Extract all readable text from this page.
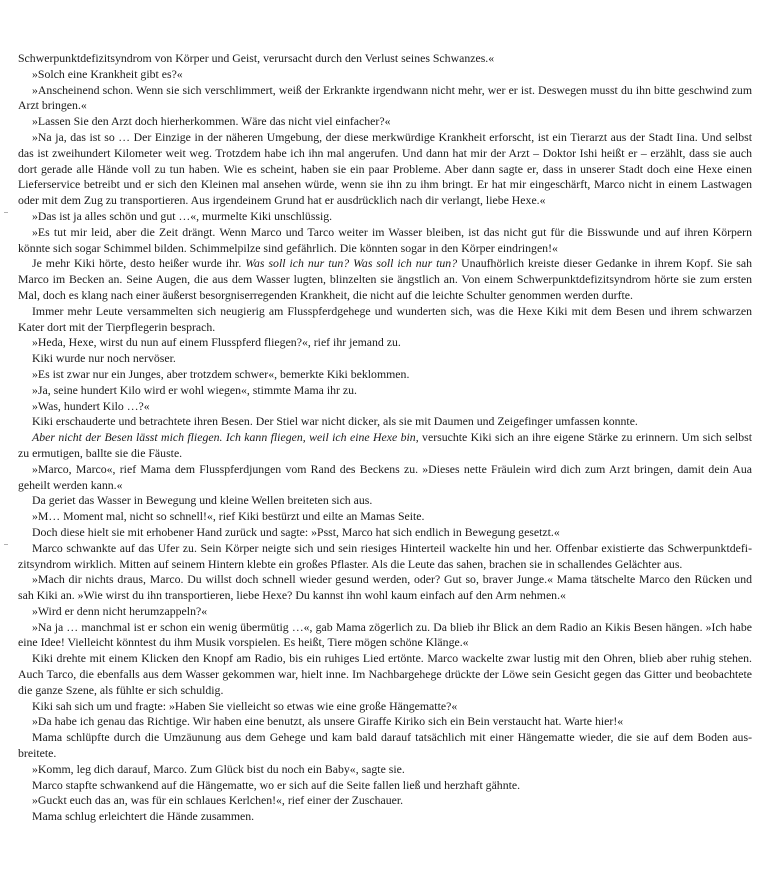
Schwerpunktdefizitsyndrom von Körper und Geist, verursacht durch den Verlust seines Schwanzes.«

»Solch eine Krankheit gibt es?«

»Anscheinend schon. Wenn sie sich verschlimmert, weiß der Erkrankte irgendwann nicht mehr, wer er ist. Deswegen musst du ihn bitte geschwind zum Arzt bringen.«

»Lassen Sie den Arzt doch hierherkommen. Wäre das nicht viel einfacher?«

»Na ja, das ist so … Der Einzige in der näheren Umgebung, der diese merkwürdige Krankheit erforscht, ist ein Tierarzt aus der Stadt Iina. Und selbst das ist zweihundert Kilometer weit weg. Trotzdem habe ich ihn mal angerufen. Und dann hat mir der Arzt – Doktor Ishi heißt er – erzählt, dass sie auch dort gerade alle Hände voll zu tun haben. Wie es scheint, haben sie ein paar Probleme. Aber dann sagte er, dass in unserer Stadt doch eine Hexe einen Lieferservice betreibt und er sich den Kleinen mal ansehen würde, wenn sie ihn zu ihm bringt. Er hat mir eingeschärft, Marco nicht in einem Lastwagen oder mit dem Zug zu transportieren. Aus irgendeinem Grund hat er ausdrücklich nach dir verlangt, liebe Hexe.«

»Das ist ja alles schön und gut …«, murmelte Kiki unschlüssig.

»Es tut mir leid, aber die Zeit drängt. Wenn Marco und Tarco weiter im Wasser bleiben, ist das nicht gut für die Bisswunde und auf ihren Körpern könnte sich sogar Schimmel bilden. Schimmelpilze sind gefährlich. Die könnten sogar in den Körper eindringen!«

Je mehr Kiki hörte, desto heißer wurde ihr. Was soll ich nur tun? Was soll ich nur tun? Unaufhörlich kreiste dieser Gedanke in ihrem Kopf. Sie sah Marco im Becken an. Seine Augen, die aus dem Wasser lugten, blinzelten sie ängstlich an. Von einem Schwerpunktdefizitsyndrom hörte sie zum ersten Mal, doch es klang nach einer äußerst besorgniserregenden Krankheit, die nicht auf die leichte Schulter genommen werden durfte.

Immer mehr Leute versammelten sich neugierig am Flusspferdgehege und wunderten sich, was die Hexe Kiki mit dem Besen und ihrem schwarzen Kater dort mit der Tierpflegerin besprach.

»Heda, Hexe, wirst du nun auf einem Flusspferd fliegen?«, rief ihr jemand zu.

Kiki wurde nur noch nervöser.

»Es ist zwar nur ein Junges, aber trotzdem schwer«, bemerkte Kiki beklommen.

»Ja, seine hundert Kilo wird er wohl wiegen«, stimmte Mama ihr zu.

»Was, hundert Kilo …?«

Kiki erschauderte und betrachtete ihren Besen. Der Stiel war nicht dicker, als sie mit Daumen und Zeigefinger umfassen konnte.

Aber nicht der Besen lässt mich fliegen. Ich kann fliegen, weil ich eine Hexe bin, versuchte Kiki sich an ihre eigene Stärke zu erinnern. Um sich selbst zu ermutigen, ballte sie die Fäuste.

»Marco, Marco«, rief Mama dem Flusspferdjungen vom Rand des Beckens zu. »Dieses nette Fräulein wird dich zum Arzt bringen, damit dein Aua geheilt werden kann.«

Da geriet das Wasser in Bewegung und kleine Wellen breiteten sich aus.

»M… Moment mal, nicht so schnell!«, rief Kiki bestürzt und eilte an Mamas Seite.

Doch diese hielt sie mit erhobener Hand zurück und sagte: »Psst, Marco hat sich endlich in Bewegung gesetzt.«

Marco schwankte auf das Ufer zu. Sein Körper neigte sich und sein riesiges Hinterteil wackelte hin und her. Offenbar existierte das Schwerpunktdefizitsyndrom wirklich. Mitten auf seinem Hintern klebte ein großes Pflaster. Als die Leute das sahen, brachen sie in schallendes Gelächter aus.

»Mach dir nichts draus, Marco. Du willst doch schnell wieder gesund werden, oder? Gut so, braver Junge.« Mama tätschelte Marco den Rücken und sah Kiki an. »Wie wirst du ihn transportieren, liebe Hexe? Du kannst ihn wohl kaum einfach auf den Arm nehmen.«

»Wird er denn nicht herumzappeln?«

»Na ja … manchmal ist er schon ein wenig übermütig …«, gab Mama zögerlich zu. Da blieb ihr Blick an dem Radio an Kikis Besen hängen. »Ich habe eine Idee! Vielleicht könntest du ihm Musik vorspielen. Es heißt, Tiere mögen schöne Klänge.«

Kiki drehte mit einem Klicken den Knopf am Radio, bis ein ruhiges Lied ertönte. Marco wackelte zwar lustig mit den Ohren, blieb aber ruhig stehen. Auch Tarco, die ebenfalls aus dem Wasser gekommen war, hielt inne. Im Nachbargehege drückte der Löwe sein Gesicht gegen das Gitter und beobachtete die ganze Szene, als fühlte er sich schuldig.

Kiki sah sich um und fragte: »Haben Sie vielleicht so etwas wie eine große Hängematte?«

»Da habe ich genau das Richtige. Wir haben eine benutzt, als unsere Giraffe Kiriko sich ein Bein verstaucht hat. Warte hier!«

Mama schlüpfte durch die Umzäunung aus dem Gehege und kam bald darauf tatsächlich mit einer Hängematte wieder, die sie auf dem Boden ausbreitete.

»Komm, leg dich darauf, Marco. Zum Glück bist du noch ein Baby«, sagte sie.

Marco stapfte schwankend auf die Hängematte, wo er sich auf die Seite fallen ließ und herzhaft gähnte.

»Guckt euch das an, was für ein schlaues Kerlchen!«, rief einer der Zuschauer.

Mama schlug erleichtert die Hände zusammen.
